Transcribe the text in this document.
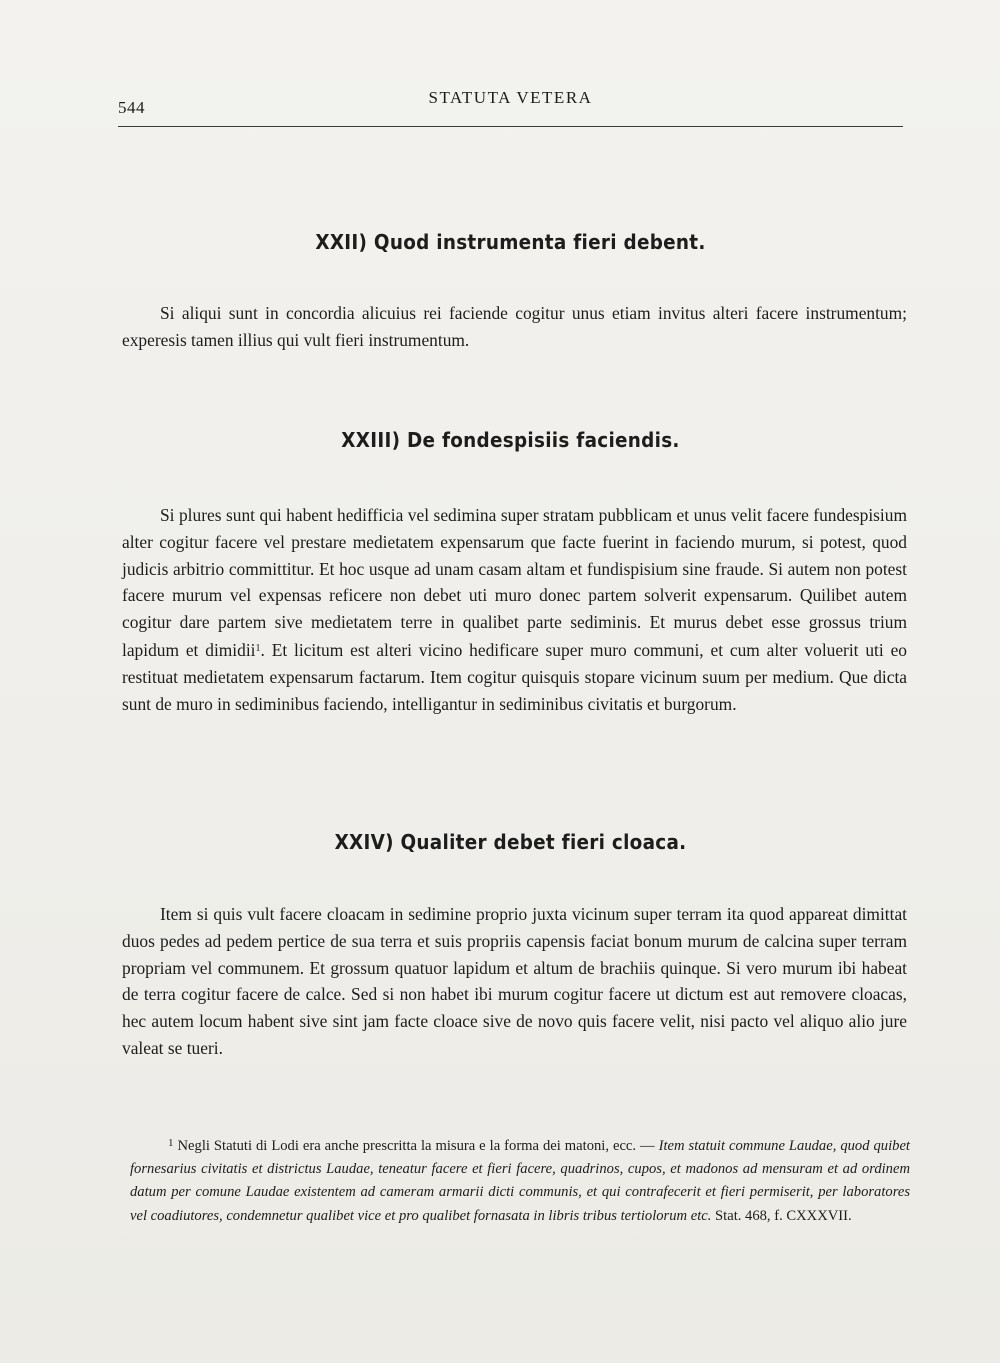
544
STATUTA VETERA
XXII) Quod instrumenta fieri debent.

Si aliqui sunt in concordia alicuius rei faciende cogitur unus etiam invitus alteri facere instrumentum; experesis tamen illius qui vult fieri instrumentum.

XXIII) De fondespisiis faciendis.

Si plures sunt qui habent hedifficia vel sedimina super stratam pubblicam et unus velit facere fundespisium alter cogitur facere vel prestare medietatem expensarum que facte fuerint in faciendo murum, si potest, quod judicis arbitrio committitur. Et hoc usque ad unam casam altam et fundispisium sine fraude. Si autem non potest facere murum vel expensas reficere non debet uti muro donec partem solverit expensarum. Quilibet autem cogitur dare partem sive medietatem terre in qualibet parte sediminis. Et murus debet esse grossus trium lapidum et dimidii$^1$. Et licitum est alteri vicino hedificare super muro communi, et cum alter voluerit uti eo restituat medietatem expensarum factarum. Item cogitur quisquis stopare vicinum suum per medium. Que dicta sunt de muro in sediminibus faciendo, intelligantur in sediminibus civitatis et burgorum.

XXIV) Qualiter debet fieri cloaca.

Item si quis vult facere cloacam in sedimine proprio juxta vicinum super terram ita quod appareat dimittat duos pedes ad pedem pertice de sua terra et suis propriis capensis faciat bonum murum de calcina super terram propriam vel communem. Et grossum quatuor lapidum et altum de brachiis quinque. Si vero murum ibi habeat de terra cogitur facere de calce. Sed si non habet ibi murum cogitur facere ut dictum est aut removere cloacas, hec autem locum habent sive sint jam facte cloace sive de novo quis facere velit, nisi pacto vel aliquo alio jure valeat se tueri.

$^1$ Negli Statuti di Lodi era anche prescritta la misura e la forma dei matoni, ecc. — Item statuit commune Laudae, quod quibet fornesarius civitatis et districtus Laudae, teneatur facere et fieri facere, quadrinos, cupos, et madonos ad mensuram et ad ordinem datum per comune Laudae existentem ad cameram armarii dicti communis, et qui contrafecerit et fieri permiserit, per laboratores vel coadiutores, condemnetur qualibet vice et pro qualibet fornasata in libris tribus tertiolorum etc. Stat. 468, f. CXXXVII.
